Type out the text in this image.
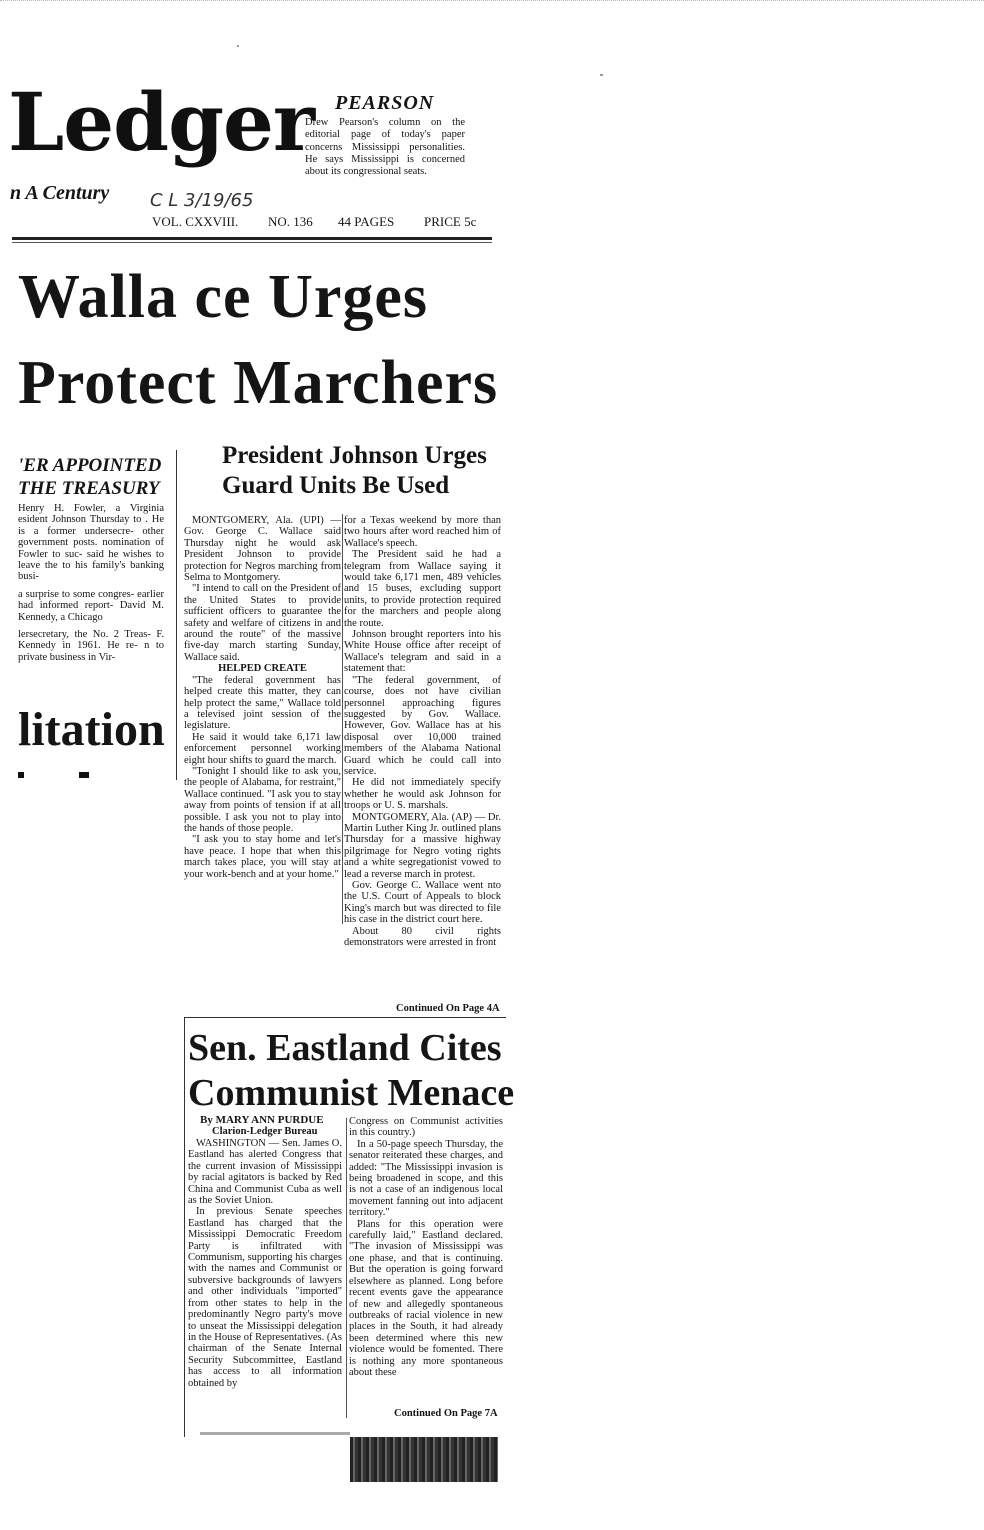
Ledger
n A Century C L 3/19/65
PEARSON
Drew Pearson's column on the editorial page of today's paper concerns Mississippi personalities. He says Mississippi is concerned about its congressional seats.
VOL. CXXVIII. NO. 136 44 PAGES PRICE 5c
Walla ce Urges
Protect Marchers
'ER APPOINTED
THE TREASURY

Henry H. Fowler, a Virginia esident Johnson Thursday to . He is a former undersecre- other government posts. nomination of Fowler to suc- said he wishes to leave the to his family's banking busi-

a surprise to some congres- earlier had informed report- David M. Kennedy, a Chicago

lersecretary, the No. 2 Treas- F. Kennedy in 1961. He re- n to private business in Vir-

litation
President Johnson Urges
Guard Units Be Used

MONTGOMERY, Ala. (UPI) — Gov. George C. Wallace said Thursday night he would ask President Johnson to provide protection for Negros marching from Selma to Montgomery.

"I intend to call on the President of the United States to provide sufficient officers to guarantee the safety and welfare of citizens in and around the route" of the massive five-day march starting Sunday, Wallace said.

HELPED CREATE

"The federal government has helped create this matter, they can help protect the same," Wallace told a televised joint session of the legislature.

He said it would take 6,171 law enforcement personnel working eight hour shifts to guard the march.

"Tonight I should like to ask you, the people of Alabama, for restraint," Wallace continued. "I ask you to stay away from points of tension if at all possible. I ask you not to play into the hands of those people.

"I ask you to stay home and let's have peace. I hope that when this march takes place, you will stay at your work-bench and at your home."

for a Texas weekend by more than two hours after word reached him of Wallace's speech.

The President said he had a telegram from Wallace saying it would take 6,171 men, 489 vehicles and 15 buses, excluding support units, to provide protection required for the marchers and people along the route.

Johnson brought reporters into his White House office after receipt of Wallace's telegram and said in a statement that:

"The federal government, of course, does not have civilian personnel approaching figures suggested by Gov. Wallace. However, Gov. Wallace has at his disposal over 10,000 trained members of the Alabama National Guard which he could call into service.

He did not immediately specify whether he would ask Johnson for troops or U. S. marshals.

MONTGOMERY, Ala. (AP) — Dr. Martin Luther King Jr. outlined plans Thursday for a massive highway pilgrimage for Negro voting rights and a white segregationist vowed to lead a reverse march in protest.

Gov. George C. Wallace went nto the U.S. Court of Appeals to block King's march but was directed to file his case in the district court here.

About 80 civil rights demonstrators were arrested in front

Continued On Page 4A
Sen. Eastland Cites
Communist Menace
By MARY ANN PURDUE
Clarion-Ledger Bureau

WASHINGTON — Sen. James O. Eastland has alerted Congress that the current invasion of Mississippi by racial agitators is backed by Red China and Communist Cuba as well as the Soviet Union.

In previous Senate speeches Eastland has charged that the Mississippi Democratic Freedom Party is infiltrated with Communism, supporting his charges with the names and Communist or subversive backgrounds of lawyers and other individuals "imported" from other states to help in the predominantly Negro party's move to unseat the Mississippi delegation in the House of Representatives. (As chairman of the Senate Internal Security Subcommittee, Eastland has access to all information obtained by

Congress on Communist activities in this country.)

In a 50-page speech Thursday, the senator reiterated these charges, and added: "The Mississippi invasion is being broadened in scope, and this is not a case of an indigenous local movement fanning out into adjacent territory."

Plans for this operation were carefully laid," Eastland declared. "The invasion of Mississippi was one phase, and that is continuing. But the operation is going forward elsewhere as planned. Long before recent events gave the appearance of new and allegedly spontaneous outbreaks of racial violence in new places in the South, it had already been determined where this new violence would be fomented. There is nothing any more spontaneous about these

Continued On Page 7A
